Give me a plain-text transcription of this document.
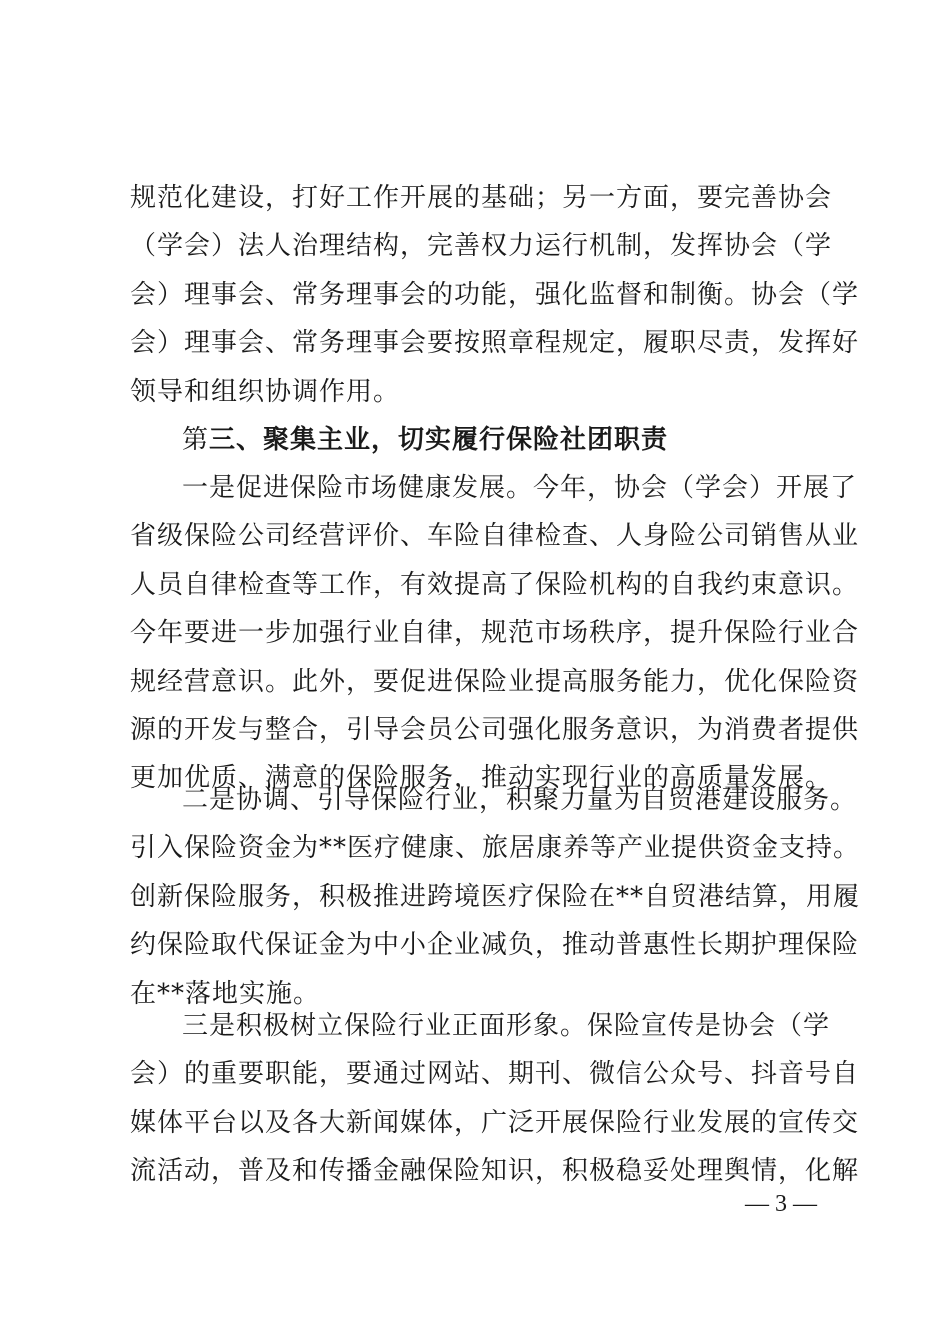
规范化建设，打好工作开展的基础；另一方面，要完善协会
（学会）法人治理结构，完善权力运行机制，发挥协会（学
会）理事会、常务理事会的功能，强化监督和制衡。协会（学
会）理事会、常务理事会要按照章程规定，履职尽责，发挥好
领导和组织协调作用。
第三、聚集主业，切实履行保险社团职责
一是促进保险市场健康发展。今年，协会（学会）开展了
省级保险公司经营评价、车险自律检查、人身险公司销售从业
人员自律检查等工作，有效提高了保险机构的自我约束意识。
今年要进一步加强行业自律，规范市场秩序，提升保险行业合
规经营意识。此外，要促进保险业提高服务能力，优化保险资
源的开发与整合，引导会员公司强化服务意识，为消费者提供
更加优质、满意的保险服务，推动实现行业的高质量发展。
二是协调、引导保险行业，积聚力量为自贸港建设服务。
引入保险资金为**医疗健康、旅居康养等产业提供资金支持。
创新保险服务，积极推进跨境医疗保险在**自贸港结算，用履
约保险取代保证金为中小企业减负，推动普惠性长期护理保险
在**落地实施。
三是积极树立保险行业正面形象。保险宣传是协会（学
会）的重要职能，要通过网站、期刊、微信公众号、抖音号自
媒体平台以及各大新闻媒体，广泛开展保险行业发展的宣传交
流活动，普及和传播金融保险知识，积极稳妥处理舆情，化解
— 3 —
